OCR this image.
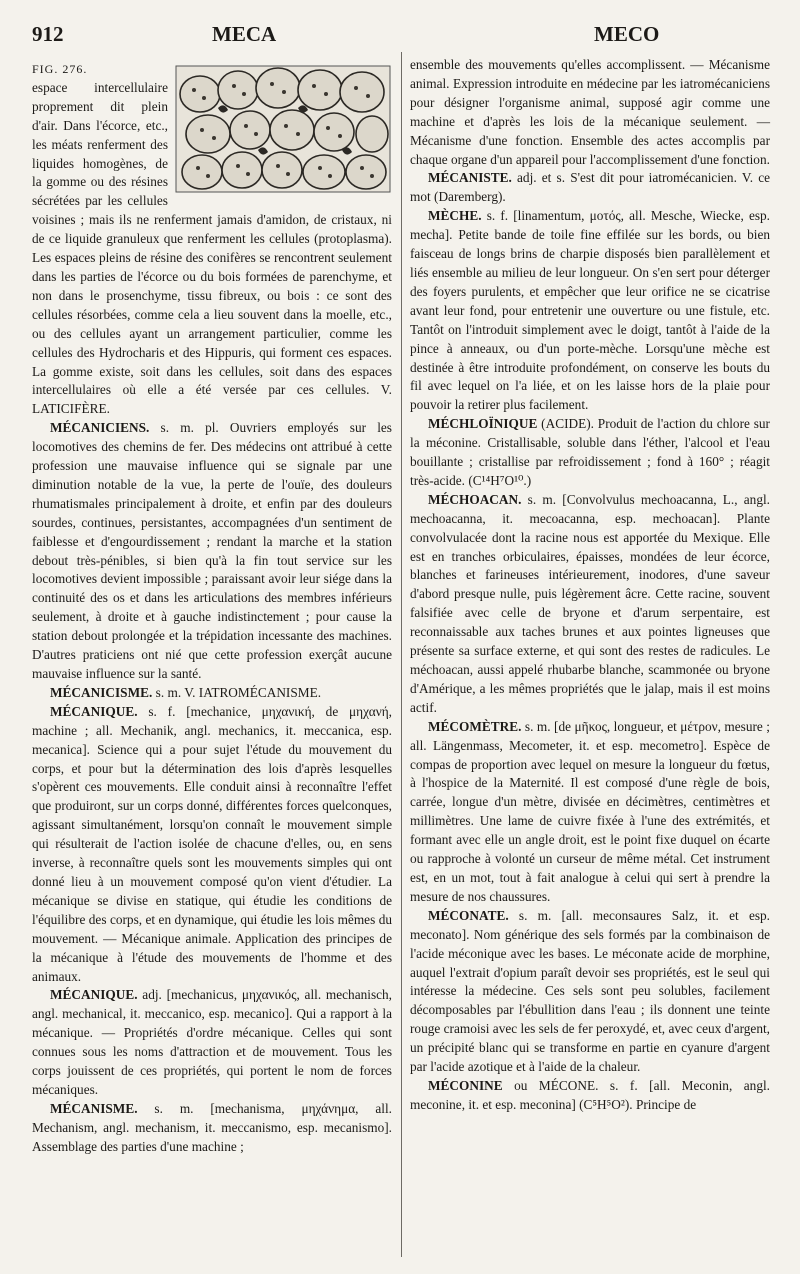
912	MECA	MECO

FIG. 276.
espace intercellulaire proprement dit plein d'air. Dans l'écorce, etc., les méats renferment des liquides homogènes, de la gomme ou des résines sécrétées par les cellules voisines ; mais ils ne renferment jamais d'amidon, de cristaux, ni de ce liquide granuleux que renferment les cellules (protoplasma). Les espaces pleins de résine des conifères se rencontrent seulement dans les parties de l'écorce ou du bois formées de parenchyme, et non dans le prosenchyme, tissu fibreux, ou bois : ce sont des cellules résorbées, comme cela a lieu souvent dans la moelle, etc., ou des cellules ayant un arrangement particulier, comme les cellules des Hydrocharis et des Hippuris, qui forment ces espaces. La gomme existe, soit dans les cellules, soit dans des espaces intercellulaires où elle a été versée par ces cellules. V. LATICIFÈRE.

MÉCANICIENS. s. m. pl. Ouvriers employés sur les locomotives des chemins de fer. Des médecins ont attribué à cette profession une mauvaise influence qui se signale par une diminution notable de la vue, la perte de l'ouïe, des douleurs rhumatismales principalement à droite, et enfin par des douleurs sourdes, continues, persistantes, accompagnées d'un sentiment de faiblesse et d'engourdissement ; rendant la marche et la station debout très-pénibles, si bien qu'à la fin tout service sur les locomotives devient impossible ; paraissant avoir leur siége dans la continuité des os et dans les articulations des membres inférieurs seulement, à droite et à gauche indistinctement ; pour cause la station debout prolongée et la trépidation incessante des machines. D'autres praticiens ont nié que cette profession exerçât aucune mauvaise influence sur la santé.

MÉCANICISME. s. m. V. IATROMÉCANISME.

MÉCANIQUE. s. f. [mechanice, μηχανική, de μηχανή, machine ; all. Mechanik, angl. mechanics, it. meccanica, esp. mecanica]. Science qui a pour sujet l'étude du mouvement du corps, et pour but la détermination des lois d'après lesquelles s'opèrent ces mouvements. Elle conduit ainsi à reconnaître l'effet que produiront, sur un corps donné, différentes forces quelconques, agissant simultanément, lorsqu'on connaît le mouvement simple qui résulterait de l'action isolée de chacune d'elles, ou, en sens inverse, à reconnaître quels sont les mouvements simples qui ont donné lieu à un mouvement composé qu'on vient d'étudier. La mécanique se divise en statique, qui étudie les conditions de l'équilibre des corps, et en dynamique, qui étudie les lois mêmes du mouvement. — Mécanique animale. Application des principes de la mécanique à l'étude des mouvements de l'homme et des animaux.

MÉCANIQUE. adj. [mechanicus, μηχανικός, all. mechanisch, angl. mechanical, it. meccanico, esp. mecanico]. Qui a rapport à la mécanique. — Propriétés d'ordre mécanique. Celles qui sont connues sous les noms d'attraction et de mouvement. Tous les corps jouissent de ces propriétés, qui portent le nom de forces mécaniques.

MÉCANISME. s. m. [mechanisma, μηχάνημα, all. Mechanism, angl. mechanism, it. meccanismo, esp. mecanismo]. Assemblage des parties d'une machine ;

ensemble des mouvements qu'elles accomplissent. — Mécanisme animal. Expression introduite en médecine par les iatromécaniciens pour désigner l'organisme animal, supposé agir comme une machine et d'après les lois de la mécanique seulement. — Mécanisme d'une fonction. Ensemble des actes accomplis par chaque organe d'un appareil pour l'accomplissement d'une fonction.

MÉCANISTE. adj. et s. S'est dit pour iatromécanicien. V. ce mot (Daremberg).

MÈCHE. s. f. [linamentum, μοτός, all. Mesche, Wiecke, esp. mecha]. Petite bande de toile fine effilée sur les bords, ou bien faisceau de longs brins de charpie disposés bien parallèlement et liés ensemble au milieu de leur longueur. On s'en sert pour déterger des foyers purulents, et empêcher que leur orifice ne se cicatrise avant leur fond, pour entretenir une ouverture ou une fistule, etc. Tantôt on l'introduit simplement avec le doigt, tantôt à l'aide de la pince à anneaux, ou d'un porte-mèche. Lorsqu'une mèche est destinée à être introduite profondément, on conserve les bouts du fil avec lequel on l'a liée, et on les laisse hors de la plaie pour pouvoir la retirer plus facilement.

MÉCHLOÏNIQUE (ACIDE). Produit de l'action du chlore sur la méconine. Cristallisable, soluble dans l'éther, l'alcool et l'eau bouillante ; cristallise par refroidissement ; fond à 160° ; réagit très-acide. (C¹⁴H⁷O¹⁰.)

MÉCHOACAN. s. m. [Convolvulus mechoacanna, L., angl. mechoacanna, it. mecoacanna, esp. mechoacan]. Plante convolvulacée dont la racine nous est apportée du Mexique. Elle est en tranches orbiculaires, épaisses, mondées de leur écorce, blanches et farineuses intérieurement, inodores, d'une saveur d'abord presque nulle, puis légèrement âcre. Cette racine, souvent falsifiée avec celle de bryone et d'arum serpentaire, est reconnaissable aux taches brunes et aux pointes ligneuses que présente sa surface externe, et qui sont des restes de radicules. Le méchoacan, aussi appelé rhubarbe blanche, scammonée ou bryone d'Amérique, a les mêmes propriétés que le jalap, mais il est moins actif.

MÉCOMÈTRE. s. m. [de μῆκος, longueur, et μέτρον, mesure ; all. Längenmass, Mecometer, it. et esp. mecometro]. Espèce de compas de proportion avec lequel on mesure la longueur du fœtus, à l'hospice de la Maternité. Il est composé d'une règle de bois, carrée, longue d'un mètre, divisée en décimètres, centimètres et millimètres. Une lame de cuivre fixée à l'une des extrémités, et formant avec elle un angle droit, est le point fixe duquel on écarte ou rapproche à volonté un curseur de même métal. Cet instrument est, en un mot, tout à fait analogue à celui qui sert à prendre la mesure de nos chaussures.

MÉCONATE. s. m. [all. meconsaures Salz, it. et esp. meconato]. Nom générique des sels formés par la combinaison de l'acide méconique avec les bases. Le méconate acide de morphine, auquel l'extrait d'opium paraît devoir ses propriétés, est le seul qui intéresse la médecine. Ces sels sont peu solubles, facilement décomposables par l'ébullition dans l'eau ; ils donnent une teinte rouge cramoisi avec les sels de fer peroxydé, et, avec ceux d'argent, un précipité blanc qui se transforme en partie en cyanure d'argent par l'acide azotique et à l'aide de la chaleur.

MÉCONINE ou MÉCONE. s. f. [all. Meconin, angl. meconine, it. et esp. meconina] (C⁵H⁵O²). Principe de
